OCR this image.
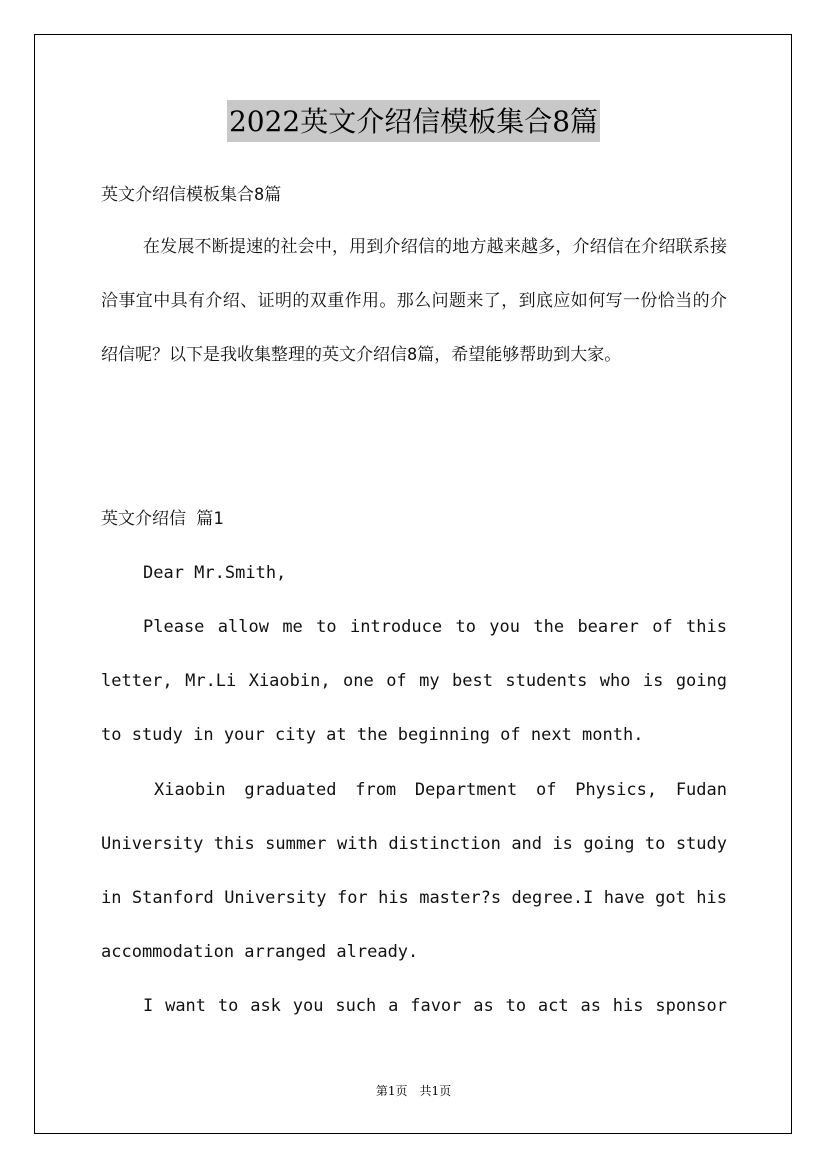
2022英文介绍信模板集合8篇

英文介绍信模板集合8篇

在发展不断提速的社会中，用到介绍信的地方越来越多，介绍信在介绍联系接洽事宜中具有介绍、证明的双重作用。那么问题来了，到底应如何写一份恰当的介绍信呢？以下是我收集整理的英文介绍信8篇，希望能够帮助到大家。

英文介绍信 篇1

Dear Mr.Smith,

Please allow me to introduce to you the bearer of this letter, Mr.Li Xiaobin, one of my best students who is going to study in your city at the beginning of next month.

Xiaobin graduated from Department of Physics, Fudan University this summer with distinction and is going to study in Stanford University for his master?s degree.I have got his accommodation arranged already.

I want to ask you such a favor as to act as his sponsor

第1页 共1页
